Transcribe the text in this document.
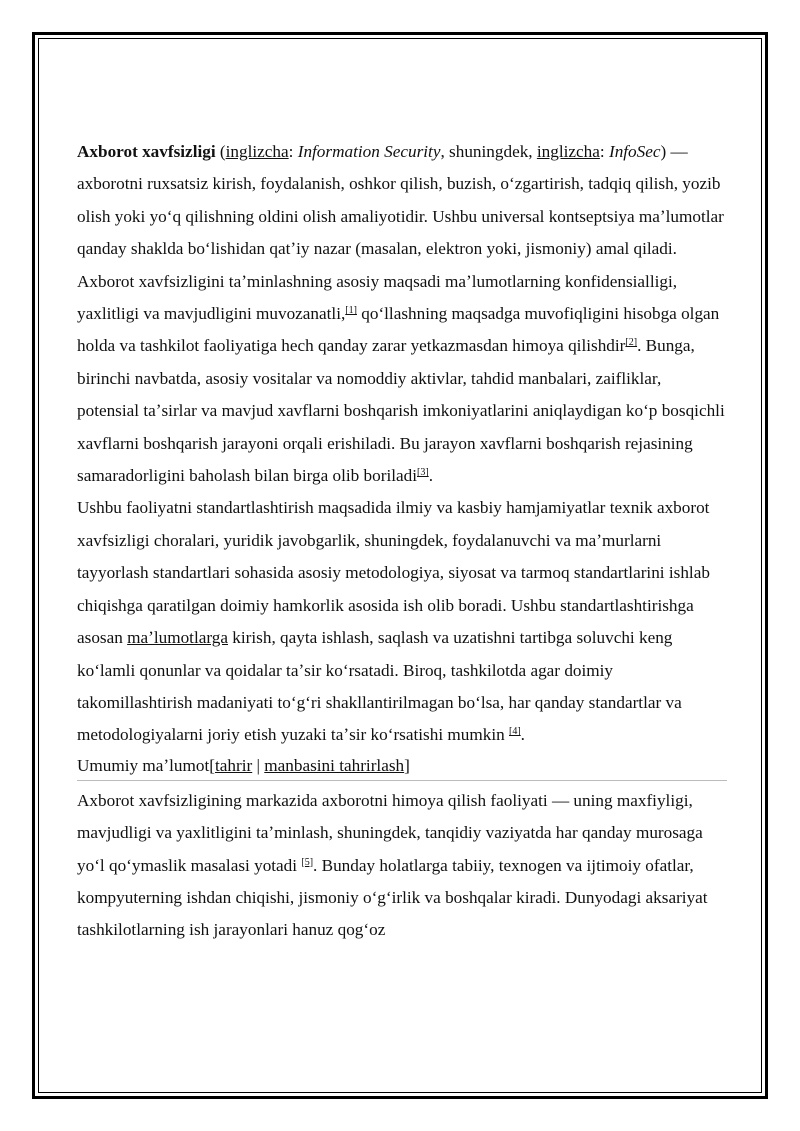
Axborot xavfsizligi (inglizcha: Information Security, shuningdek, inglizcha: InfoSec) — axborotni ruxsatsiz kirish, foydalanish, oshkor qilish, buzish, oʻzgartirish, tadqiq qilish, yozib olish yoki yoʻq qilishning oldini olish amaliyotidir. Ushbu universal kontseptsiya maʼlumotlar qanday shaklda boʻlishidan qatʼiy nazar (masalan, elektron yoki, jismoniy) amal qiladi. Axborot xavfsizligini taʼminlashning asosiy maqsadi maʼlumotlarning konfidensialligi, yaxlitligi va mavjudligini muvozanatli,[1] qoʻllashning maqsadga muvofiqligini hisobga olgan holda va tashkilot faoliyatiga hech qanday zarar yetkazmasdan himoya qilishdir[2]. Bunga, birinchi navbatda, asosiy vositalar va nomoddiy aktivlar, tahdid manbalari, zaifliklar, potensial taʼsirlar va mavjud xavflarni boshqarish imkoniyatlarini aniqlaydigan koʻp bosqichli xavflarni boshqarish jarayoni orqali erishiladi. Bu jarayon xavflarni boshqarish rejasining samaradorligini baholash bilan birga olib boriladi[3].

Ushbu faoliyatni standartlashtirish maqsadida ilmiy va kasbiy hamjamiyatlar texnik axborot xavfsizligi choralari, yuridik javobgarlik, shuningdek, foydalanuvchi va maʼmurlarni tayyorlash standartlari sohasida asosiy metodologiya, siyosat va tarmoq standartlarini ishlab chiqishga qaratilgan doimiy hamkorlik asosida ish olib boradi. Ushbu standartlashtirishga asosan maʼlumotlarga kirish, qayta ishlash, saqlash va uzatishni tartibga soluvchi keng koʻlamli qonunlar va qoidalar taʼsir koʻrsatadi. Biroq, tashkilotda agar doimiy takomillashtirish madaniyati toʻgʻri shakllantirilmagan boʻlsa, har qanday standartlar va metodologiyalarni joriy etish yuzaki taʼsir koʻrsatishi mumkin [4].

Umumiy maʼlumot[tahrir | manbasini tahrirlash]

Axborot xavfsizligining markazida axborotni himoya qilish faoliyati — uning maxfiyligi, mavjudligi va yaxlitligini taʼminlash, shuningdek, tanqidiy vaziyatda har qanday murosaga yoʻl qoʻymaslik masalasi yotadi [5]. Bunday holatlarga tabiiy, texnogen va ijtimoiy ofatlar, kompyuterning ishdan chiqishi, jismoniy oʻgʻirlik va boshqalar kiradi. Dunyodagi aksariyat tashkilotlarning ish jarayonlari hanuz qogʻoz
